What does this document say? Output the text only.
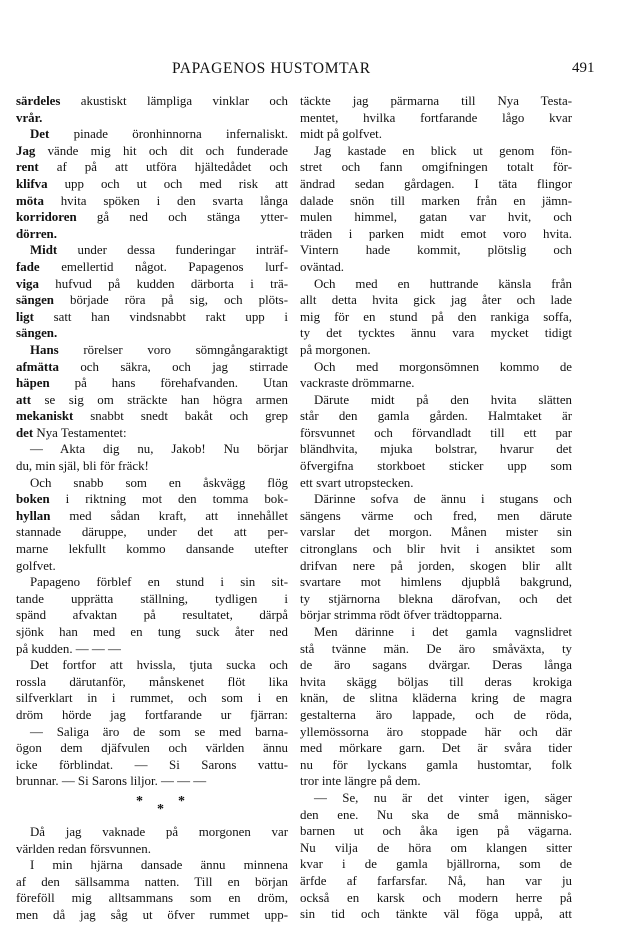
PAPAGENOS HUSTOMTAR	491
särdeles akustiskt lämpliga vinklar och
vrår.
Det pinade öronhinnorna infernaliskt.
Jag vände mig hit och dit och funderade
rent af på att utföra hjältedådet och
klifva upp och ut och med risk att
möta hvita spöken i den svarta långa
korridoren gå ned och stänga ytter-
dörren.
Midt under dessa funderingar inträf-
fade emellertid något. Papagenos lurf-
viga hufvud på kudden därborta i trä-
sängen började röra på sig, och plöts-
ligt satt han vindsnabbt rakt upp i
sängen.
Hans rörelser voro sömngångaraktigt
afmätta och säkra, och jag stirrade
häpen på hans förehafvanden. Utan
att se sig om sträckte han högra armen
mekaniskt snabbt snedt bakåt och grep
det Nya Testamentet:
— Akta dig nu, Jakob! Nu börjar
du, min själ, bli för fräck!
Och snabb som en åskvägg flög
boken i riktning mot den tomma bok-
hyllan med sådan kraft, att innehållet
stannade däruppe, under det att per-
marne lekfullt kommo dansande utefter
golfvet.
Papageno förblef en stund i sin sit-
tande upprätta ställning, tydligen i
spänd afvaktan på resultatet, därpå
sjönk han med en tung suck åter ned
på kudden. — — —
Det fortfor att hvissla, tjuta sucka och
rossla därutanför, månskenet flöt lika
silfverklart in i rummet, och som i en
dröm hörde jag fortfarande ur fjärran:
— Saliga äro de som se med barna-
ögon dem djäfvulen och världen ännu
icke förblindat. — Si Sarons vattu-
brunnar. — Si Sarons liljor. — — —
*
*
*
Då jag vaknade på morgonen var
världen redan försvunnen.
I min hjärna dansade ännu minnena
af den sällsamma natten. Till en början
föreföll mig alltsammans som en dröm,
men då jag såg ut öfver rummet upp-
täckte jag pärmarna till Nya Testa-
mentet, hvilka fortfarande lågo kvar
midt på golfvet.
Jag kastade en blick ut genom fön-
stret och fann omgifningen totalt för-
ändrad sedan gårdagen. I täta flingor
dalade snön till marken från en jämn-
mulen himmel, gatan var hvit, och
träden i parken midt emot voro hvita.
Vintern hade kommit, plötslig och
oväntad.
Och med en huttrande känsla från
allt detta hvita gick jag åter och lade
mig för en stund på den rankiga soffa,
ty det tycktes ännu vara mycket tidigt
på morgonen.
Och med morgonsömnen kommo de
vackraste drömmarne.
Därute midt på den hvita slätten
står den gamla gården. Halmtaket är
försvunnet och förvandladt till ett par
bländhvita, mjuka bolstrar, hvarur det
öfvergifna storkboet sticker upp som
ett svart utropstecken.
Därinne sofva de ännu i stugans och
sängens värme och fred, men därute
varslar det morgon. Månen mister sin
citronglans och blir hvit i ansiktet som
drifvan nere på jorden, skogen blir allt
svartare mot himlens djupblå bakgrund,
ty stjärnorna blekna därofvan, och det
börjar strimma rödt öfver trädtopparna.
Men därinne i det gamla vagnslidret
stå tvänne män. De äro småväxta, ty
de äro sagans dvärgar. Deras långa
hvita skägg böljas till deras krokiga
knän, de slitna kläderna kring de magra
gestalterna äro lappade, och de röda,
yllemössorna äro stoppade här och där
med mörkare garn. Det är svåra tider
nu för lyckans gamla hustomtar, folk
tror inte längre på dem.
— Se, nu är det vinter igen, säger
den ene. Nu ska de små människo-
barnen ut och åka igen på vägarna.
Nu vilja de höra om klangen sitter
kvar i de gamla bjällrorna, som de
ärfde af farfarsfar. Nå, han var ju
också en karsk och modern herre på
sin tid och tänkte väl föga uppå, att
